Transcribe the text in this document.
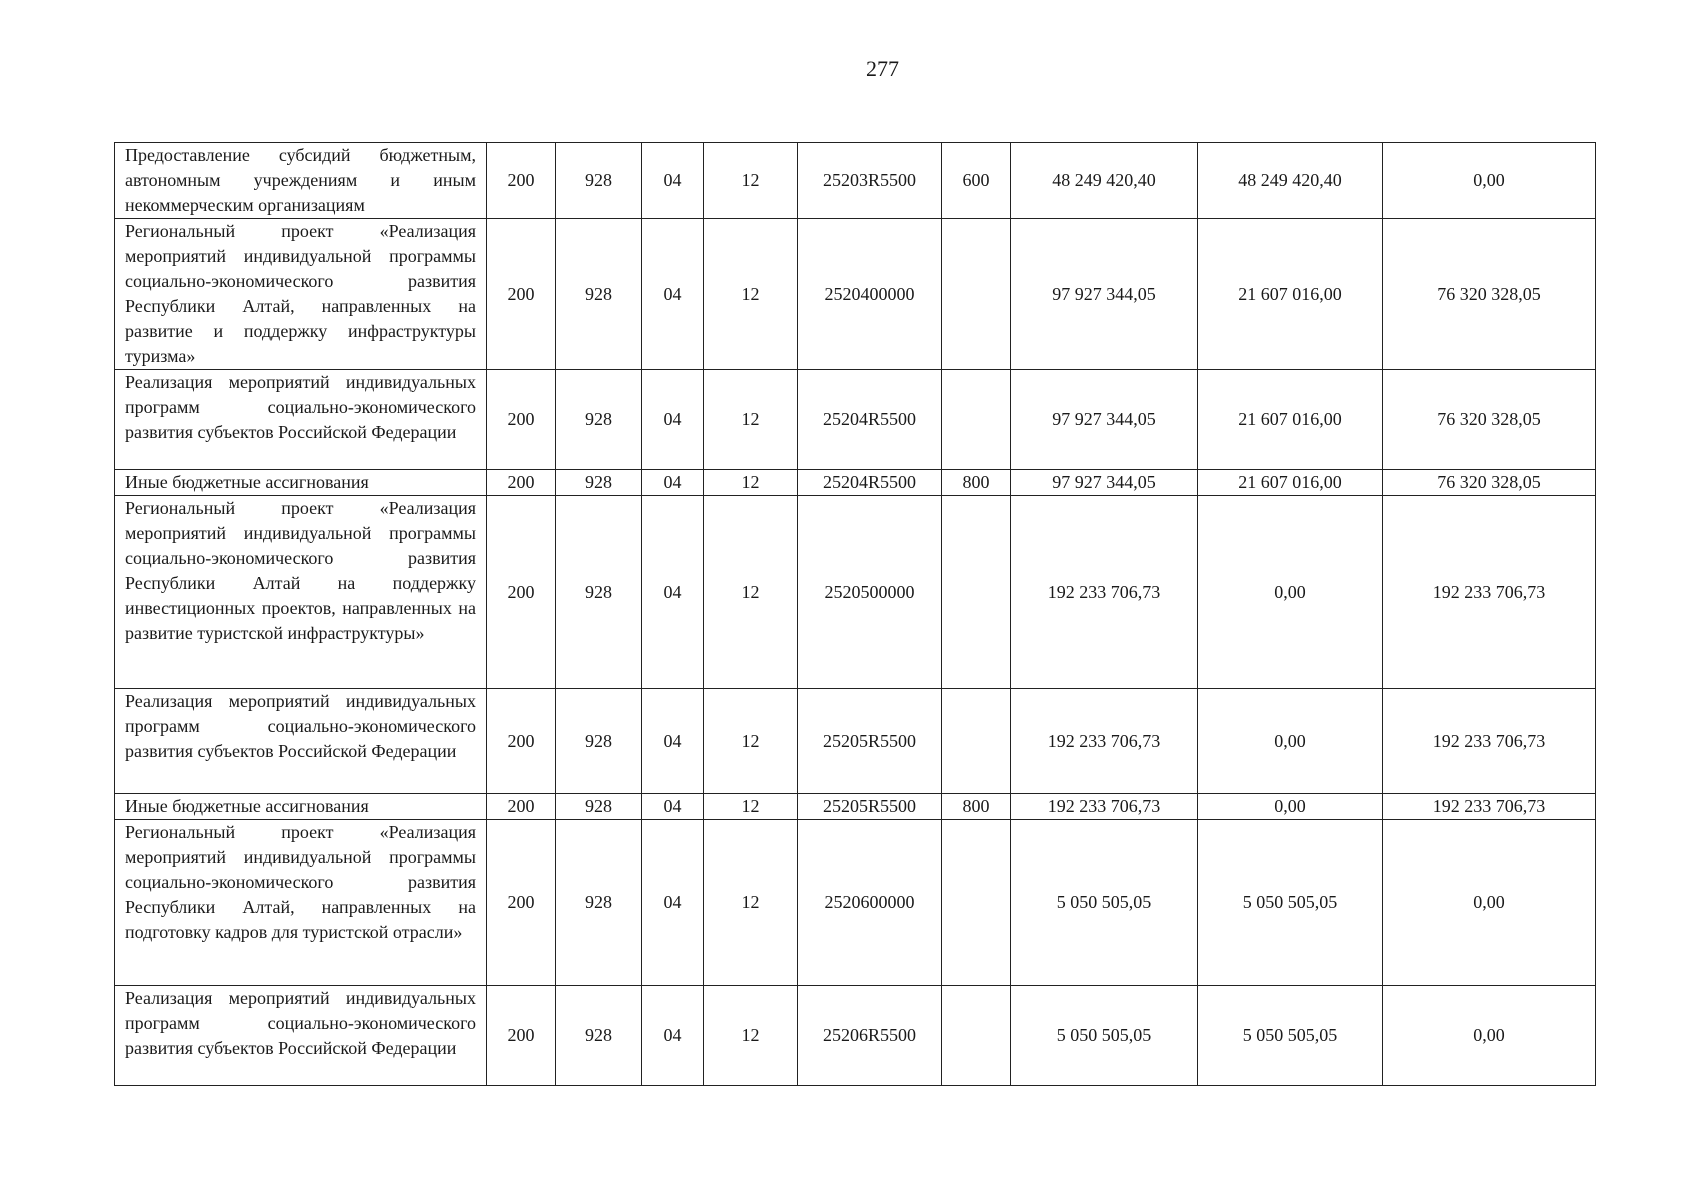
277
Предоставление субсидий бюджетным, автономным учреждениям и иным некоммерческим организациям	200	928	04	12	25203R5500	600	48 249 420,40	48 249 420,40	0,00
Региональный проект «Реализация мероприятий индивидуальной программы социально-экономического развития Республики Алтай, направленных на развитие и поддержку инфраструктуры туризма»	200	928	04	12	2520400000		97 927 344,05	21 607 016,00	76 320 328,05
Реализация мероприятий индивидуальных программ социально-экономического развития субъектов Российской Федерации	200	928	04	12	25204R5500		97 927 344,05	21 607 016,00	76 320 328,05
Иные бюджетные ассигнования	200	928	04	12	25204R5500	800	97 927 344,05	21 607 016,00	76 320 328,05
Региональный проект «Реализация мероприятий индивидуальной программы социально-экономического развития Республики Алтай на поддержку инвестиционных проектов, направленных на развитие туристской инфраструктуры»	200	928	04	12	2520500000		192 233 706,73	0,00	192 233 706,73
Реализация мероприятий индивидуальных программ социально-экономического развития субъектов Российской Федерации	200	928	04	12	25205R5500		192 233 706,73	0,00	192 233 706,73
Иные бюджетные ассигнования	200	928	04	12	25205R5500	800	192 233 706,73	0,00	192 233 706,73
Региональный проект «Реализация мероприятий индивидуальной программы социально-экономического развития Республики Алтай, направленных на подготовку кадров для туристской отрасли»	200	928	04	12	2520600000		5 050 505,05	5 050 505,05	0,00
Реализация мероприятий индивидуальных программ социально-экономического развития субъектов Российской Федерации	200	928	04	12	25206R5500		5 050 505,05	5 050 505,05	0,00
